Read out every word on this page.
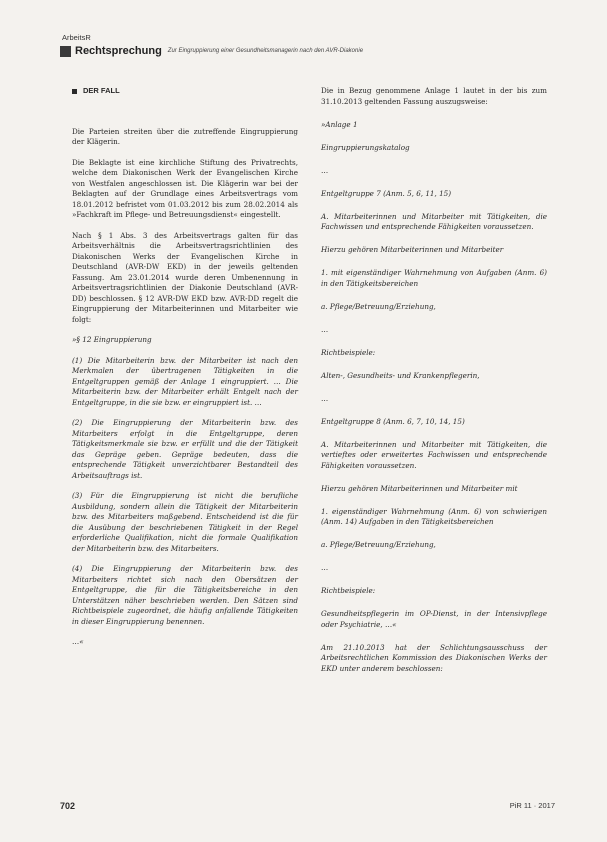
ArbeitsR
Rechtsprechung Zur Eingruppierung einer Gesundheitsmanagerin nach den AVR-Diakonie
DER FALL

Die Parteien streiten über die zutreffende Eingruppierung der Klägerin.

Die Beklagte ist eine kirchliche Stiftung des Privatrechts, welche dem Diakonischen Werk der Evangelischen Kirche von Westfalen angeschlossen ist. Die Klägerin war bei der Beklagten auf der Grundlage eines Arbeitsvertrags vom 18.01.2012 befristet vom 01.03.2012 bis zum 28.02.2014 als »Fachkraft im Pflege- und Betreuungsdienst« eingestellt.

Nach § 1 Abs. 3 des Arbeitsvertrags galten für das Arbeitsverhältnis die Arbeitsvertragsrichtlinien des Diakonischen Werks der Evangelischen Kirche in Deutschland (AVR-DW EKD) in der jeweils geltenden Fassung. Am 23.01.2014 wurde deren Umbenennung in Arbeitsvertragsrichtlinien der Diakonie Deutschland (AVR-DD) beschlossen. § 12 AVR-DW EKD bzw. AVR-DD regelt die Eingruppierung der Mitarbeiterinnen und Mitarbeiter wie folgt:

»§ 12 Eingruppierung

(1) Die Mitarbeiterin bzw. der Mitarbeiter ist nach den Merkmalen der übertragenen Tätigkeiten in die Entgeltgruppen gemäß der Anlage 1 eingruppiert. … Die Mitarbeiterin bzw. der Mitarbeiter erhält Entgelt nach der Entgeltgruppe, in die sie bzw. er eingruppiert ist. …

(2) Die Eingruppierung der Mitarbeiterin bzw. des Mitarbeiters erfolgt in die Entgeltgruppe, deren Tätigkeitsmerkmale sie bzw. er erfüllt und die der Tätigkeit das Gepräge geben. Gepräge bedeuten, dass die entsprechende Tätigkeit unverzichtbarer Bestandteil des Arbeitsauftrags ist.

(3) Für die Eingruppierung ist nicht die berufliche Ausbildung, sondern allein die Tätigkeit der Mitarbeiterin bzw. des Mitarbeiters maßgebend. Entscheidend ist die für die Ausübung der beschriebenen Tätigkeit in der Regel erforderliche Qualifikation, nicht die formale Qualifikation der Mitarbeiterin bzw. des Mitarbeiters.

(4) Die Eingruppierung der Mitarbeiterin bzw. des Mitarbeiters richtet sich nach den Obersätzen der Entgeltgruppe, die für die Tätigkeitsbereiche in den Unterstätzen näher beschrieben werden. Den Sätzen sind Richtbeispiele zugeordnet, die häufig anfallende Tätigkeiten in dieser Eingruppierung benennen.

…«

Die in Bezug genommene Anlage 1 lautet in der bis zum 31.10.2013 geltenden Fassung auszugsweise:

»Anlage 1

Eingruppierungskatalog

…

Entgeltgruppe 7 (Anm. 5, 6, 11, 15)

A. Mitarbeiterinnen und Mitarbeiter mit Tätigkeiten, die Fachwissen und entsprechende Fähigkeiten voraussetzen.

Hierzu gehören Mitarbeiterinnen und Mitarbeiter

1. mit eigenständiger Wahrnehmung von Aufgaben (Anm. 6) in den Tätigkeitsbereichen

a. Pflege/Betreuung/Erziehung,

…

Richtbeispiele:

Alten-, Gesundheits- und Krankenpflegerin,

…

Entgeltgruppe 8 (Anm. 6, 7, 10, 14, 15)

A. Mitarbeiterinnen und Mitarbeiter mit Tätigkeiten, die vertieftes oder erweitertes Fachwissen und entsprechende Fähigkeiten voraussetzen.

Hierzu gehören Mitarbeiterinnen und Mitarbeiter mit

1. eigenständiger Wahrnehmung (Anm. 6) von schwierigen (Anm. 14) Aufgaben in den Tätigkeitsbereichen

a. Pflege/Betreuung/Erziehung,

…

Richtbeispiele:

Gesundheitspflegerin im OP-Dienst, in der Intensivpflege oder Psychiatrie, …«

Am 21.10.2013 hat der Schlichtungsausschuss der Arbeitsrechtlichen Kommission des Diakonischen Werks der EKD unter anderem beschlossen:

702	PiR 11 · 2017
